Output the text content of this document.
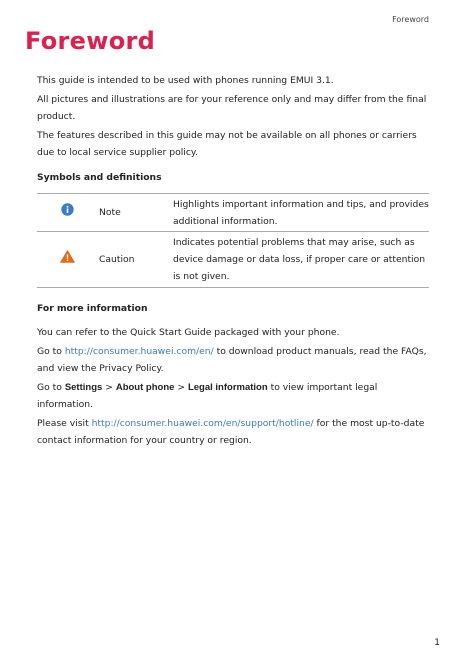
Foreword
Foreword

This guide is intended to be used with phones running EMUI 3.1.

All pictures and illustrations are for your reference only and may differ from the final product.

The features described in this guide may not be available on all phones or carriers due to local service supplier policy.

Symbols and definitions

	Note	Highlights important information and tips, and provides additional information.
	Caution	Indicates potential problems that may arise, such as device damage or data loss, if proper care or attention is not given.

For more information

You can refer to the Quick Start Guide packaged with your phone.

Go to http://consumer.huawei.com/en/ to download product manuals, read the FAQs, and view the Privacy Policy.

Go to Settings > About phone > Legal information to view important legal information.

Please visit http://consumer.huawei.com/en/support/hotline/ for the most up-to-date contact information for your country or region.

1
